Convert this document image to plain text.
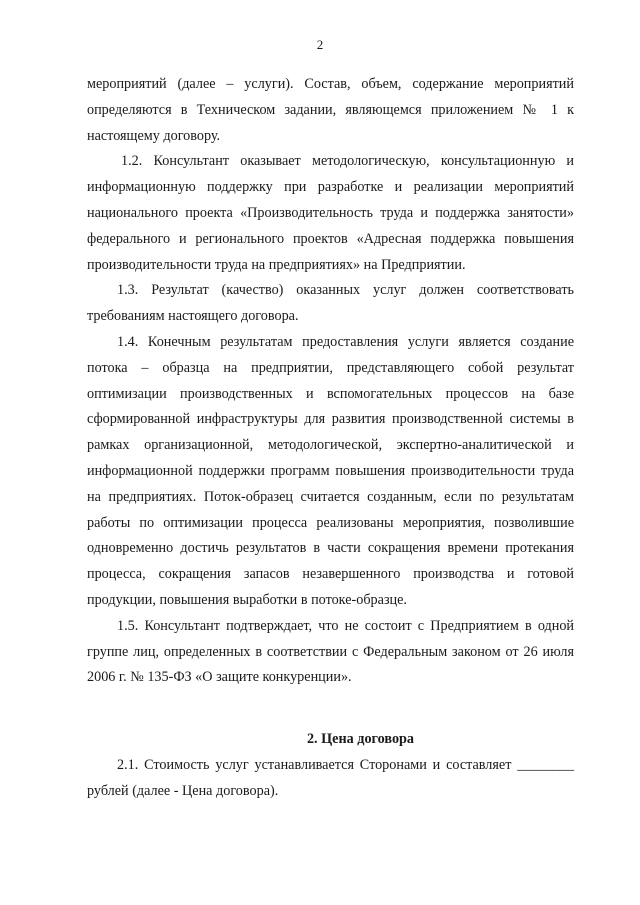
2

мероприятий (далее – услуги). Состав, объем, содержание мероприятий определяются в Техническом задании, являющемся приложением № 1 к настоящему договору.

1.2. Консультант оказывает методологическую, консультационную и информационную поддержку при разработке и реализации мероприятий национального проекта «Производительность труда и поддержка занятости» федерального и регионального проектов «Адресная поддержка повышения производительности труда на предприятиях» на Предприятии.

1.3. Результат (качество) оказанных услуг должен соответствовать требованиям настоящего договора.

1.4. Конечным результатам предоставления услуги является создание потока – образца на предприятии, представляющего собой результат оптимизации производственных и вспомогательных процессов на базе сформированной инфраструктуры для развития производственной системы в рамках организационной, методологической, экспертно-аналитической и информационной поддержки программ повышения производительности труда на предприятиях. Поток-образец считается созданным, если по результатам работы по оптимизации процесса реализованы мероприятия, позволившие одновременно достичь результатов в части сокращения времени протекания процесса, сокращения запасов незавершенного производства и готовой продукции, повышения выработки в потоке-образце.

1.5. Консультант подтверждает, что не состоит с Предприятием в одной группе лиц, определенных в соответствии с Федеральным законом от 26 июля 2006 г. № 135-ФЗ «О защите конкуренции».

2. Цена договора

2.1. Стоимость услуг устанавливается Сторонами и составляет ________ рублей (далее - Цена договора).
